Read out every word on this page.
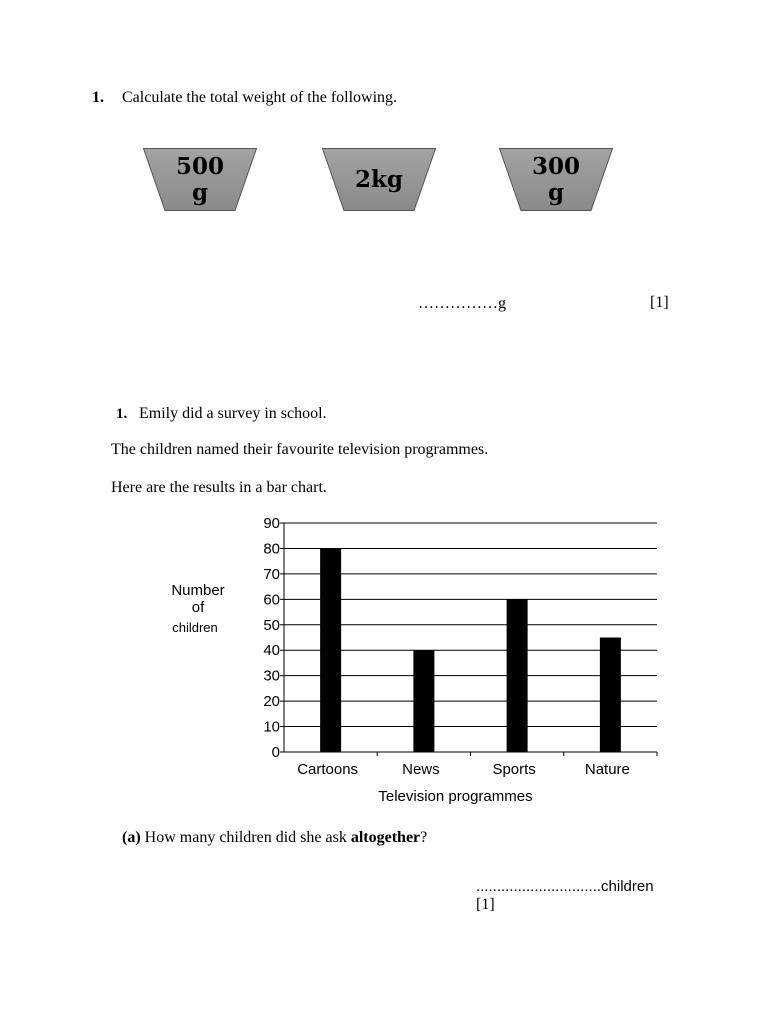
1. Calculate the total weight of the following.
500
g	2kg	300
g
……………g	[1]
1. Emily did a survey in school.
The children named their favourite television programmes.
Here are the results in a bar chart.
0
10
20
30
40
50
60
70
80
90
Cartoons	News	Sports	Nature
Television programmes
Number
of
children
(a) How many children did she ask altogether?
..............................children
[1]
